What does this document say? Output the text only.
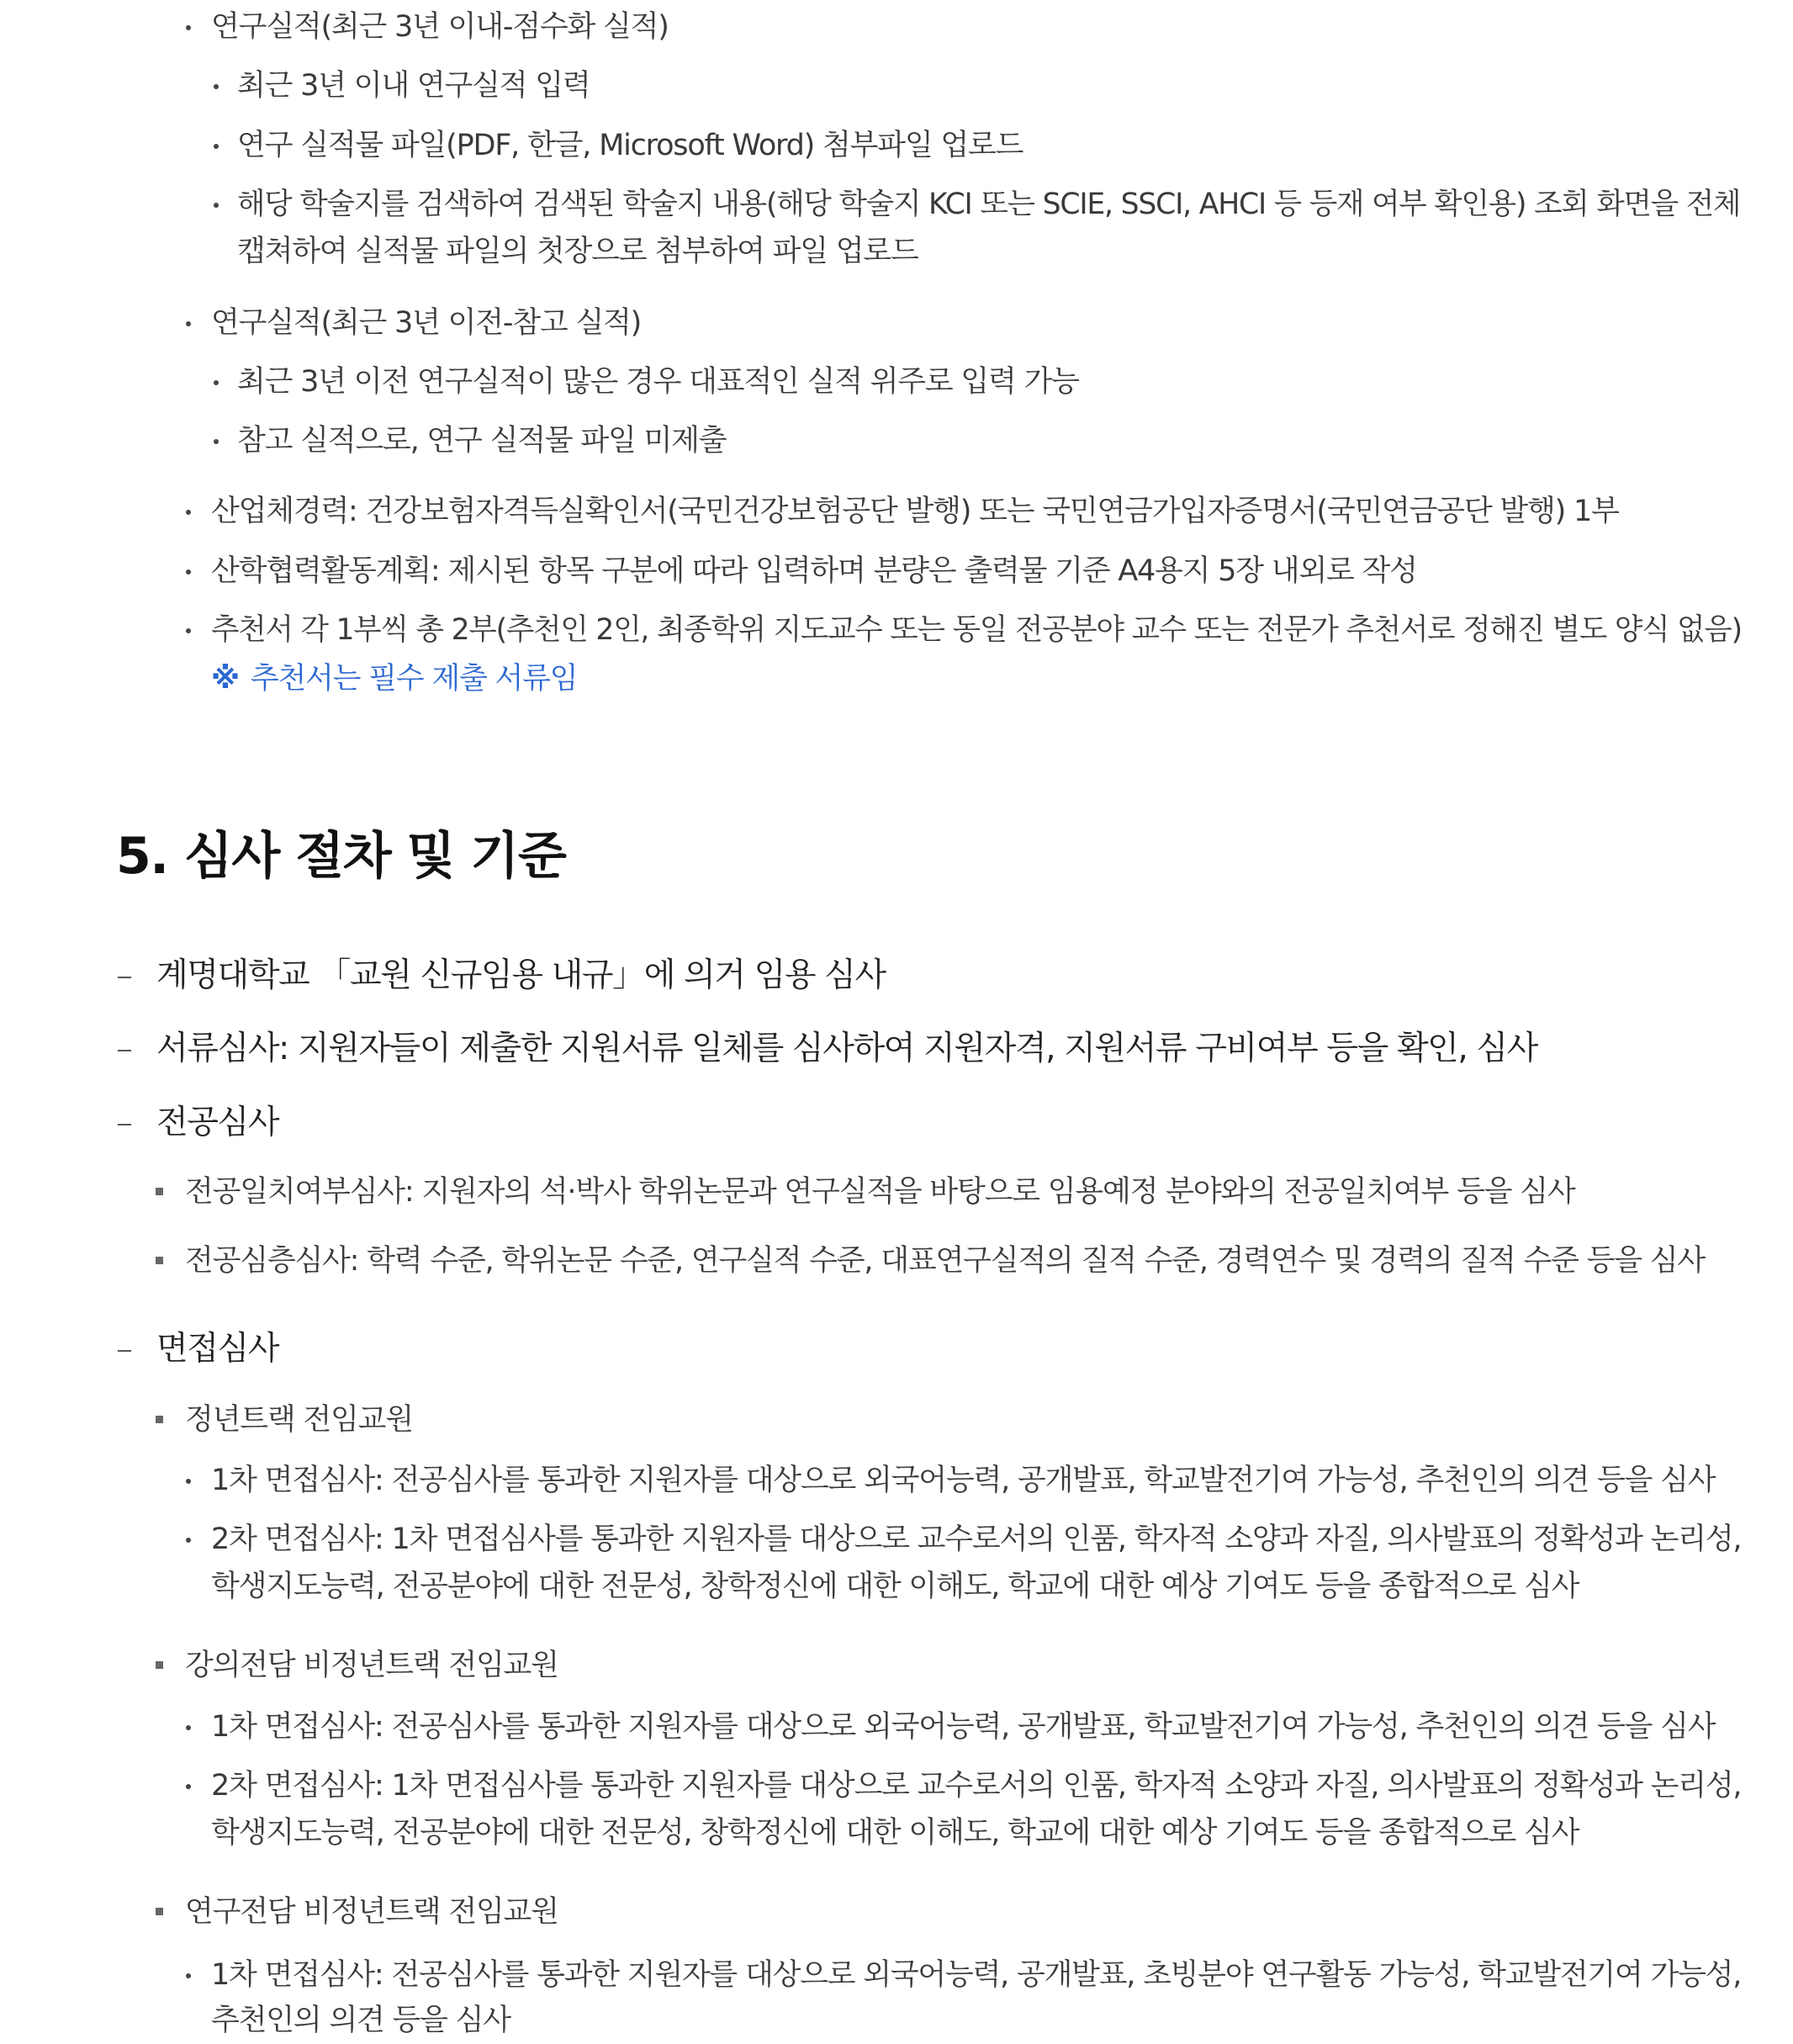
연구실적(최근 3년 이내-점수화 실적)
최근 3년 이내 연구실적 입력
연구 실적물 파일(PDF, 한글, Microsoft Word) 첨부파일 업로드
해당 학술지를 검색하여 검색된 학술지 내용(해당 학술지 KCI 또는 SCIE, SSCI, AHCI 등 등재 여부 확인용) 조회 화면을 전체
캡쳐하여 실적물 파일의 첫장으로 첨부하여 파일 업로드
연구실적(최근 3년 이전-참고 실적)
최근 3년 이전 연구실적이 많은 경우 대표적인 실적 위주로 입력 가능
참고 실적으로, 연구 실적물 파일 미제출
산업체경력: 건강보험자격득실확인서(국민건강보험공단 발행) 또는 국민연금가입자증명서(국민연금공단 발행) 1부
산학협력활동계획: 제시된 항목 구분에 따라 입력하며 분량은 출력물 기준 A4용지 5장 내외로 작성
추천서 각 1부씩 총 2부(추천인 2인, 최종학위 지도교수 또는 동일 전공분야 교수 또는 전문가 추천서로 정해진 별도 양식 없음)
※ 추천서는 필수 제출 서류임
5. 심사 절차 및 기준
계명대학교 「교원 신규임용 내규」에 의거 임용 심사
서류심사: 지원자들이 제출한 지원서류 일체를 심사하여 지원자격, 지원서류 구비여부 등을 확인, 심사
전공심사
전공일치여부심사: 지원자의 석·박사 학위논문과 연구실적을 바탕으로 임용예정 분야와의 전공일치여부 등을 심사
전공심층심사: 학력 수준, 학위논문 수준, 연구실적 수준, 대표연구실적의 질적 수준, 경력연수 및 경력의 질적 수준 등을 심사
면접심사
정년트랙 전임교원
1차 면접심사: 전공심사를 통과한 지원자를 대상으로 외국어능력, 공개발표, 학교발전기여 가능성, 추천인의 의견 등을 심사
2차 면접심사: 1차 면접심사를 통과한 지원자를 대상으로 교수로서의 인품, 학자적 소양과 자질, 의사발표의 정확성과 논리성,
학생지도능력, 전공분야에 대한 전문성, 창학정신에 대한 이해도, 학교에 대한 예상 기여도 등을 종합적으로 심사
강의전담 비정년트랙 전임교원
1차 면접심사: 전공심사를 통과한 지원자를 대상으로 외국어능력, 공개발표, 학교발전기여 가능성, 추천인의 의견 등을 심사
2차 면접심사: 1차 면접심사를 통과한 지원자를 대상으로 교수로서의 인품, 학자적 소양과 자질, 의사발표의 정확성과 논리성,
학생지도능력, 전공분야에 대한 전문성, 창학정신에 대한 이해도, 학교에 대한 예상 기여도 등을 종합적으로 심사
연구전담 비정년트랙 전임교원
1차 면접심사: 전공심사를 통과한 지원자를 대상으로 외국어능력, 공개발표, 초빙분야 연구활동 가능성, 학교발전기여 가능성,
추천인의 의견 등을 심사
